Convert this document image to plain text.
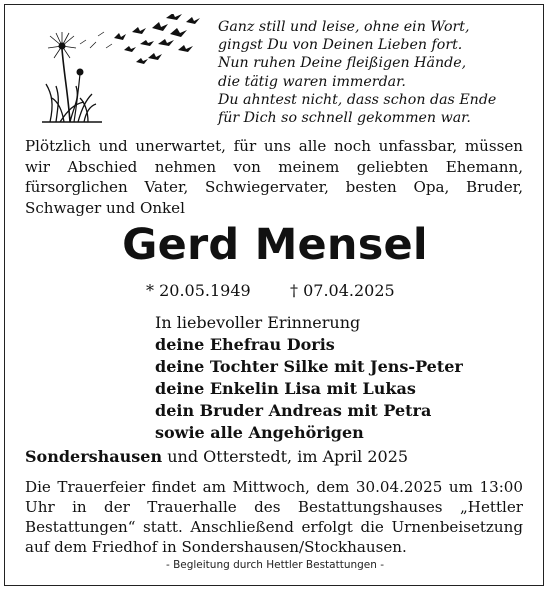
Ganz still und leise, ohne ein Wort,
gingst Du von Deinen Lieben fort.
Nun ruhen Deine fleißigen Hände,
die tätig waren immerdar.
Du ahntest nicht, dass schon das Ende
für Dich so schnell gekommen war.
Plötzlich und unerwartet, für uns alle noch unfassbar, müssen wir Abschied nehmen von meinem geliebten Ehemann, fürsorglichen Vater, Schwiegervater, besten Opa, Bruder, Schwager und Onkel
Gerd Mensel
* 20.05.1949 † 07.04.2025
In liebevoller Erinnerung
deine Ehefrau Doris
deine Tochter Silke mit Jens-Peter
deine Enkelin Lisa mit Lukas
dein Bruder Andreas mit Petra
sowie alle Angehörigen
Sondershausen und Otterstedt, im April 2025
Die Trauerfeier findet am Mittwoch, dem 30.04.2025 um 13:00 Uhr in der Trauerhalle des Bestattungshauses „Hettler Bestattungen“ statt. Anschließend erfolgt die Urnenbeisetzung auf dem Friedhof in Sondershausen/Stockhausen.
- Begleitung durch Hettler Bestattungen -
